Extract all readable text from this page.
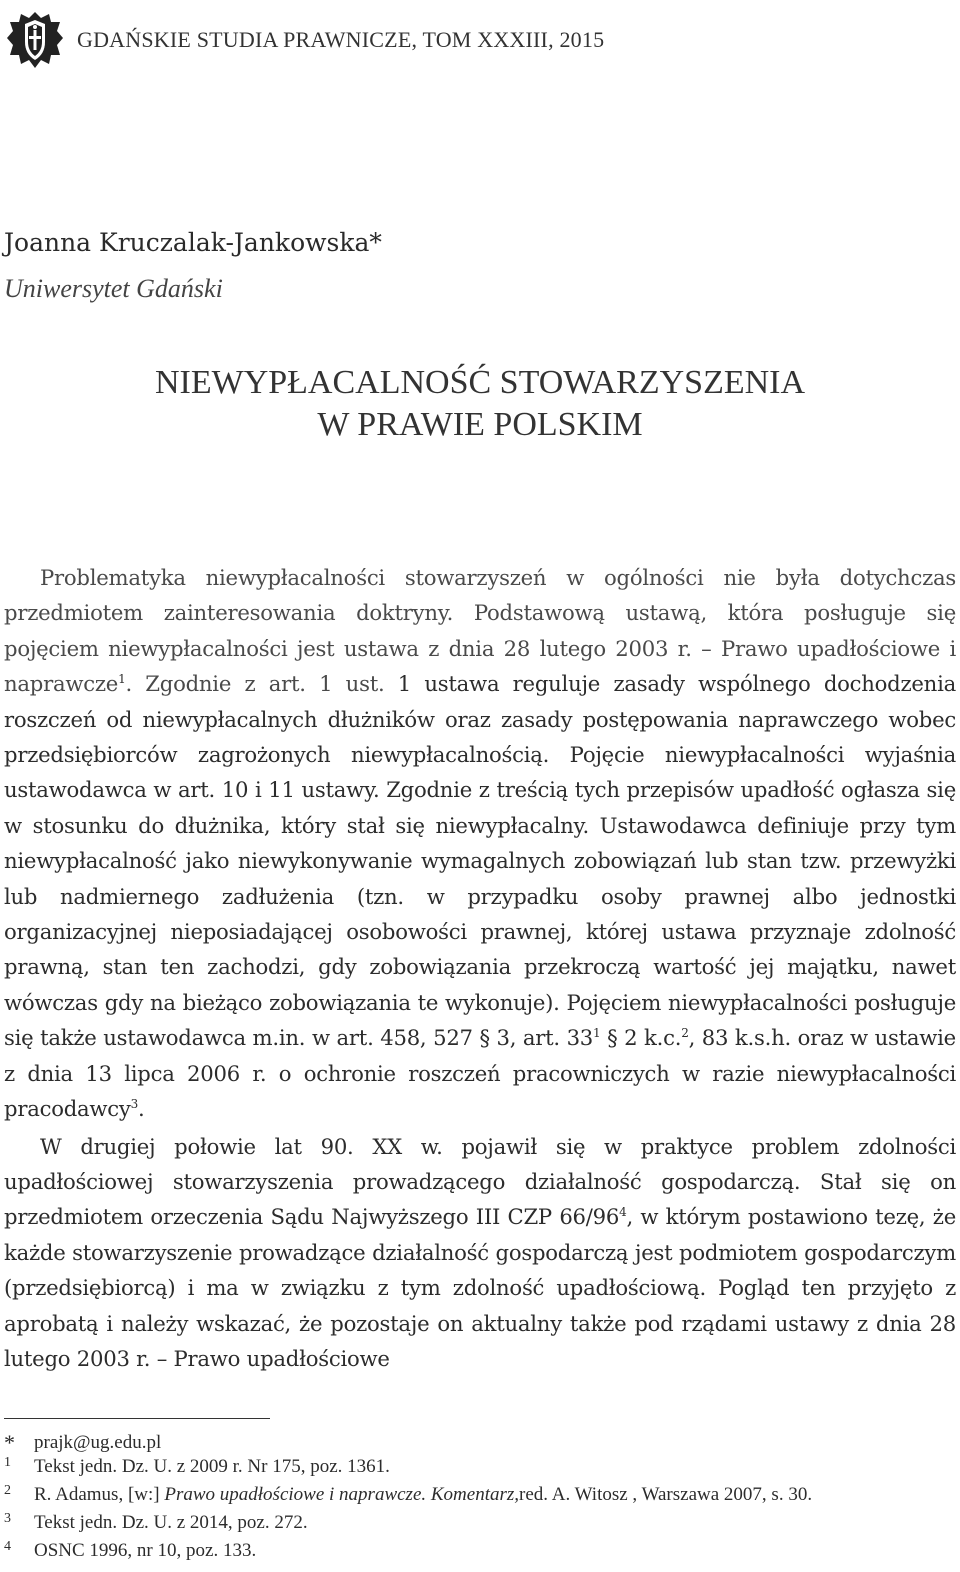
GDAŃSKIE STUDIA PRAWNICZE, TOM XXXIII, 2015
Joanna Kruczalak-Jankowska*
Uniwersytet Gdański
NIEWYPŁACALNOŚĆ STOWARZYSZENIA
W PRAWIE POLSKIM

Problematyka niewypłacalności stowarzyszeń w ogólności nie była dotychczas przedmiotem zainteresowania doktryny. Podstawową ustawą, która posługuje się pojęciem niewypłacalności jest ustawa z dnia 28 lutego 2003 r. – Prawo upadłościowe i naprawcze$^1$. Zgodnie z art. 1 ust. 1 ustawa reguluje zasady wspólnego dochodzenia roszczeń od niewypłacalnych dłużników oraz zasady postępowania naprawczego wobec przedsiębiorców zagrożonych niewypłacalnością. Pojęcie niewypłacalności wyjaśnia ustawodawca w art. 10 i 11 ustawy. Zgodnie z treścią tych przepisów upadłość ogłasza się w stosunku do dłużnika, który stał się niewypłacalny. Ustawodawca definiuje przy tym niewypłacalność jako niewykonywanie wymagalnych zobowiązań lub stan tzw. przewyżki lub nadmiernego zadłużenia (tzn. w przypadku osoby prawnej albo jednostki organizacyjnej nieposiadającej osobowości prawnej, której ustawa przyznaje zdolność prawną, stan ten zachodzi, gdy zobowiązania przekroczą wartość jej majątku, nawet wówczas gdy na bieżąco zobowiązania te wykonuje). Pojęciem niewypłacalności posługuje się także ustawodawca m.in. w art. 458, 527 § 3, art. $33^1$ § 2 k.c.$^2$, 83 k.s.h. oraz w ustawie z dnia 13 lipca 2006 r. o ochronie roszczeń pracowniczych w razie niewypłacalności pracodawcy$^3$.

W drugiej połowie lat 90. XX w. pojawił się w praktyce problem zdolności upadłościowej stowarzyszenia prowadzącego działalność gospodarczą. Stał się on przedmiotem orzeczenia Sądu Najwyższego III CZP $66/96^4$, w którym postawiono tezę, że każde stowarzyszenie prowadzące działalność gospodarczą jest podmiotem gospodarczym (przedsiębiorcą) i ma w związku z tym zdolność upadłościową. Pogląd ten przyjęto z aprobatą i należy wskazać, że pozostaje on aktualny także pod rządami ustawy z dnia 28 lutego 2003 r. – Prawo upadłościowe

*	prajk@ug.edu.pl
1	Tekst jedn. Dz. U. z 2009 r. Nr 175, poz. 1361.
2	R. Adamus, [w:]
Prawo upadłościowe i naprawcze. Komentarz, red. A. Witosz , Warszawa 2007, s. 30.
3	Tekst jedn. Dz. U. z 2014, poz. 272.
4	OSNC 1996, nr 10, poz. 133.
